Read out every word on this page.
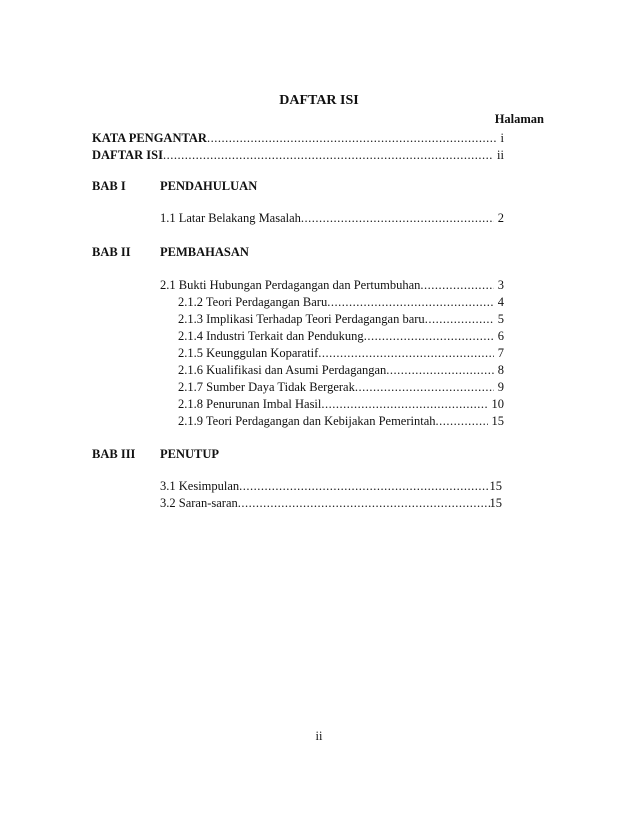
DAFTAR ISI
Halaman
KATA PENGANTAR .....	i
DAFTAR ISI .....	ii
BAB I	PENDAHULUAN
1.1 Latar Belakang Masalah .....	2
BAB II PEMBAHASAN
2.1 Bukti Hubungan Perdagangan dan Pertumbuhan .....	3
2.1.2 Teori Perdagangan Baru .....	4
2.1.3 Implikasi Terhadap Teori Perdagangan baru .....	5
2.1.4 Industri Terkait dan Pendukung .....	6
2.1.5 Keunggulan Koparatif .....	7
2.1.6 Kualifikasi dan Asumi Perdagangan .....	8
2.1.7 Sumber Daya Tidak Bergerak .....	9
2.1.8 Penurunan Imbal Hasil .....	10
2.1.9 Teori Perdagangan dan Kebijakan Pemerintah .....	15
BAB III PENUTUP
3.1 Kesimpulan .....	15
3.2 Saran-saran .....	15
ii
